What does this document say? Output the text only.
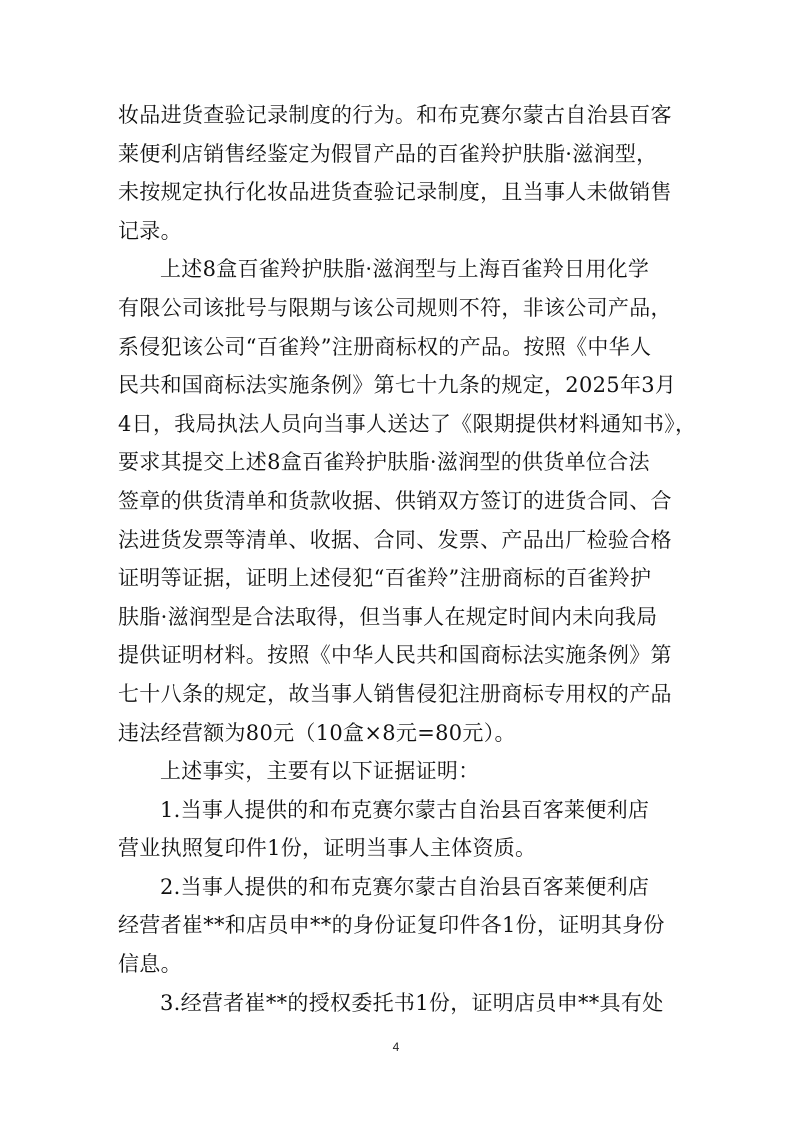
妆品进货查验记录制度的行为。和布克赛尔蒙古自治县百客
莱便利店销售经鉴定为假冒产品的百雀羚护肤脂·滋润型，
未按规定执行化妆品进货查验记录制度，且当事人未做销售
记录。
上述8盒百雀羚护肤脂·滋润型与上海百雀羚日用化学
有限公司该批号与限期与该公司规则不符，非该公司产品，
系侵犯该公司“百雀羚”注册商标权的产品。按照《中华人
民共和国商标法实施条例》第七十九条的规定，2025年3月
4日，我局执法人员向当事人送达了《限期提供材料通知书》，
要求其提交上述8盒百雀羚护肤脂·滋润型的供货单位合法
签章的供货清单和货款收据、供销双方签订的进货合同、合
法进货发票等清单、收据、合同、发票、产品出厂检验合格
证明等证据，证明上述侵犯“百雀羚”注册商标的百雀羚护
肤脂·滋润型是合法取得，但当事人在规定时间内未向我局
提供证明材料。按照《中华人民共和国商标法实施条例》第
七十八条的规定，故当事人销售侵犯注册商标专用权的产品
违法经营额为80元（10盒×8元=80元）。
上述事实，主要有以下证据证明：
1.当事人提供的和布克赛尔蒙古自治县百客莱便利店
营业执照复印件1份，证明当事人主体资质。
2.当事人提供的和布克赛尔蒙古自治县百客莱便利店
经营者崔**和店员申**的身份证复印件各1份，证明其身份
信息。
3.经营者崔**的授权委托书1份，证明店员申**具有处
4
